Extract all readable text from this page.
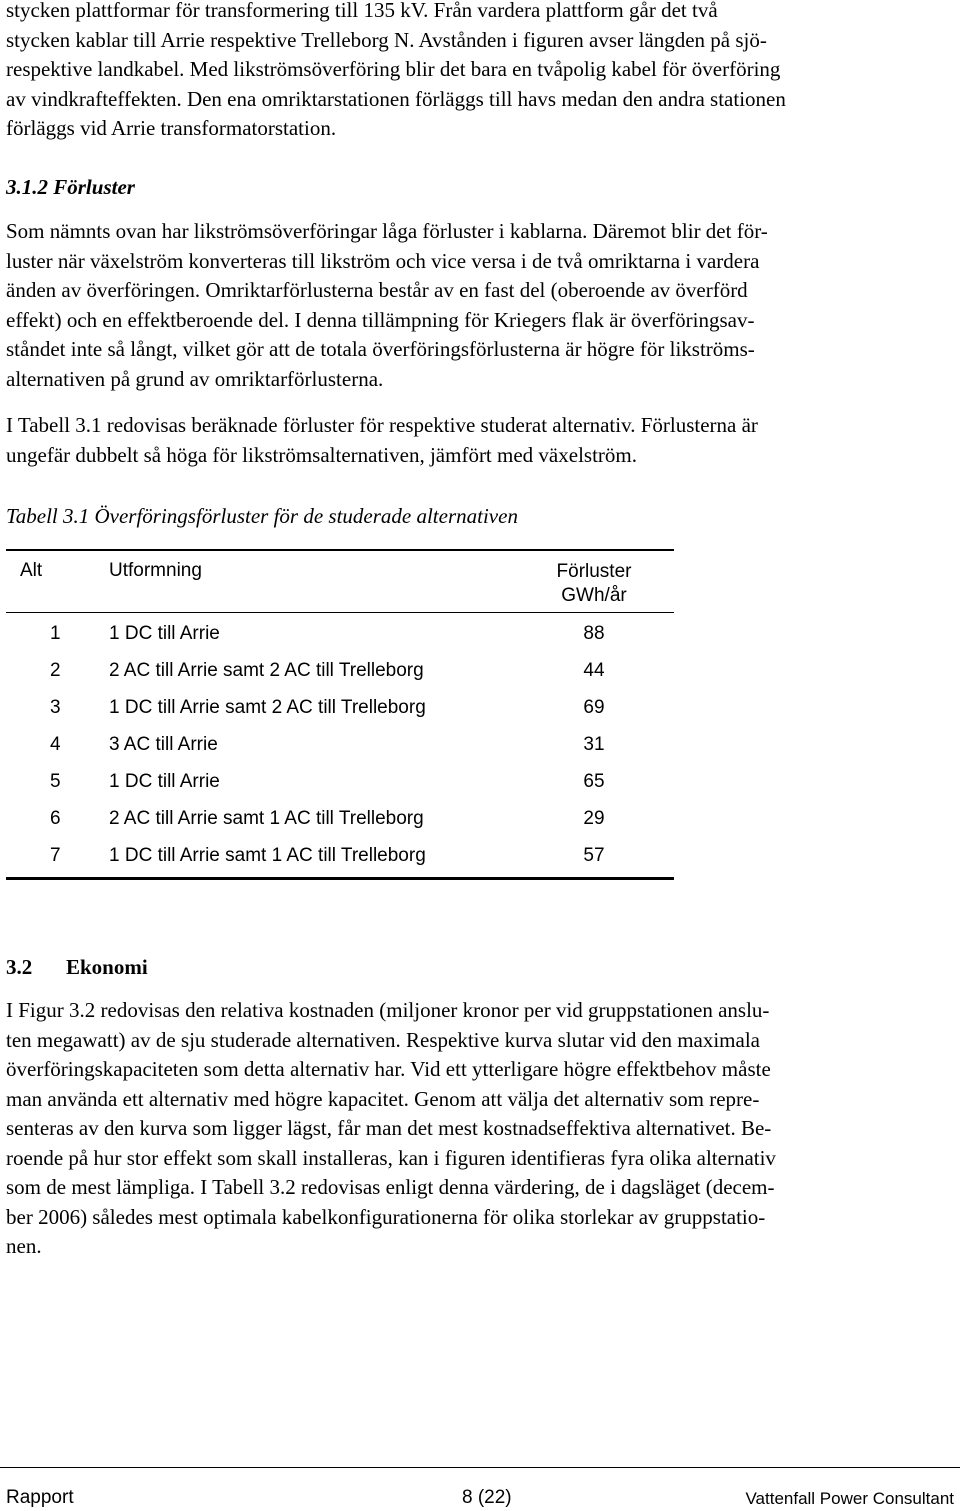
stycken plattformar för transformering till 135 kV. Från vardera plattform går det två
stycken kablar till Arrie respektive Trelleborg N. Avstånden i figuren avser längden på sjö-
respektive landkabel. Med likströmsöverföring blir det bara en tvåpolig kabel för överföring
av vindkrafteffekten. Den ena omriktarstationen förläggs till havs medan den andra stationen
förläggs vid Arrie transformatorstation.
3.1.2 Förluster
Som nämnts ovan har likströmsöverföringar låga förluster i kablarna. Däremot blir det för-
luster när växelström konverteras till likström och vice versa i de två omriktarna i vardera
änden av överföringen. Omriktarförlusterna består av en fast del (oberoende av överförd
effekt) och en effektberoende del. I denna tillämpning för Kriegers flak är överföringsav-
ståndet inte så långt, vilket gör att de totala överföringsförlusterna är högre för likströms-
alternativen på grund av omriktarförlusterna.
I Tabell 3.1 redovisas beräknade förluster för respektive studerat alternativ. Förlusterna är
ungefär dubbelt så höga för likströmsalternativen, jämfört med växelström.

Tabell 3.1 Överföringsförluster för de studerade alternativen

Alt	Utformning	Förluster
GWh/år
1	1 DC till Arrie	88
2	2 AC till Arrie samt 2 AC till Trelleborg	44
3	1 DC till Arrie samt 2 AC till Trelleborg	69
4	3 AC till Arrie	31
5	1 DC till Arrie	65
6	2 AC till Arrie samt 1 AC till Trelleborg	29
7	1 DC till Arrie samt 1 AC till Trelleborg	57
3.2 Ekonomi
I Figur 3.2 redovisas den relativa kostnaden (miljoner kronor per vid gruppstationen anslu-
ten megawatt) av de sju studerade alternativen. Respektive kurva slutar vid den maximala
överföringskapaciteten som detta alternativ har. Vid ett ytterligare högre effektbehov måste
man använda ett alternativ med högre kapacitet. Genom att välja det alternativ som repre-
senteras av den kurva som ligger lägst, får man det mest kostnadseffektiva alternativet. Be-
roende på hur stor effekt som skall installeras, kan i figuren identifieras fyra olika alternativ
som de mest lämpliga. I Tabell 3.2 redovisas enligt denna värdering, de i dagsläget (decem-
ber 2006) således mest optimala kabelkonfigurationerna för olika storlekar av gruppstatio-
nen.
Rapport	8 (22)	Vattenfall Power Consultant
